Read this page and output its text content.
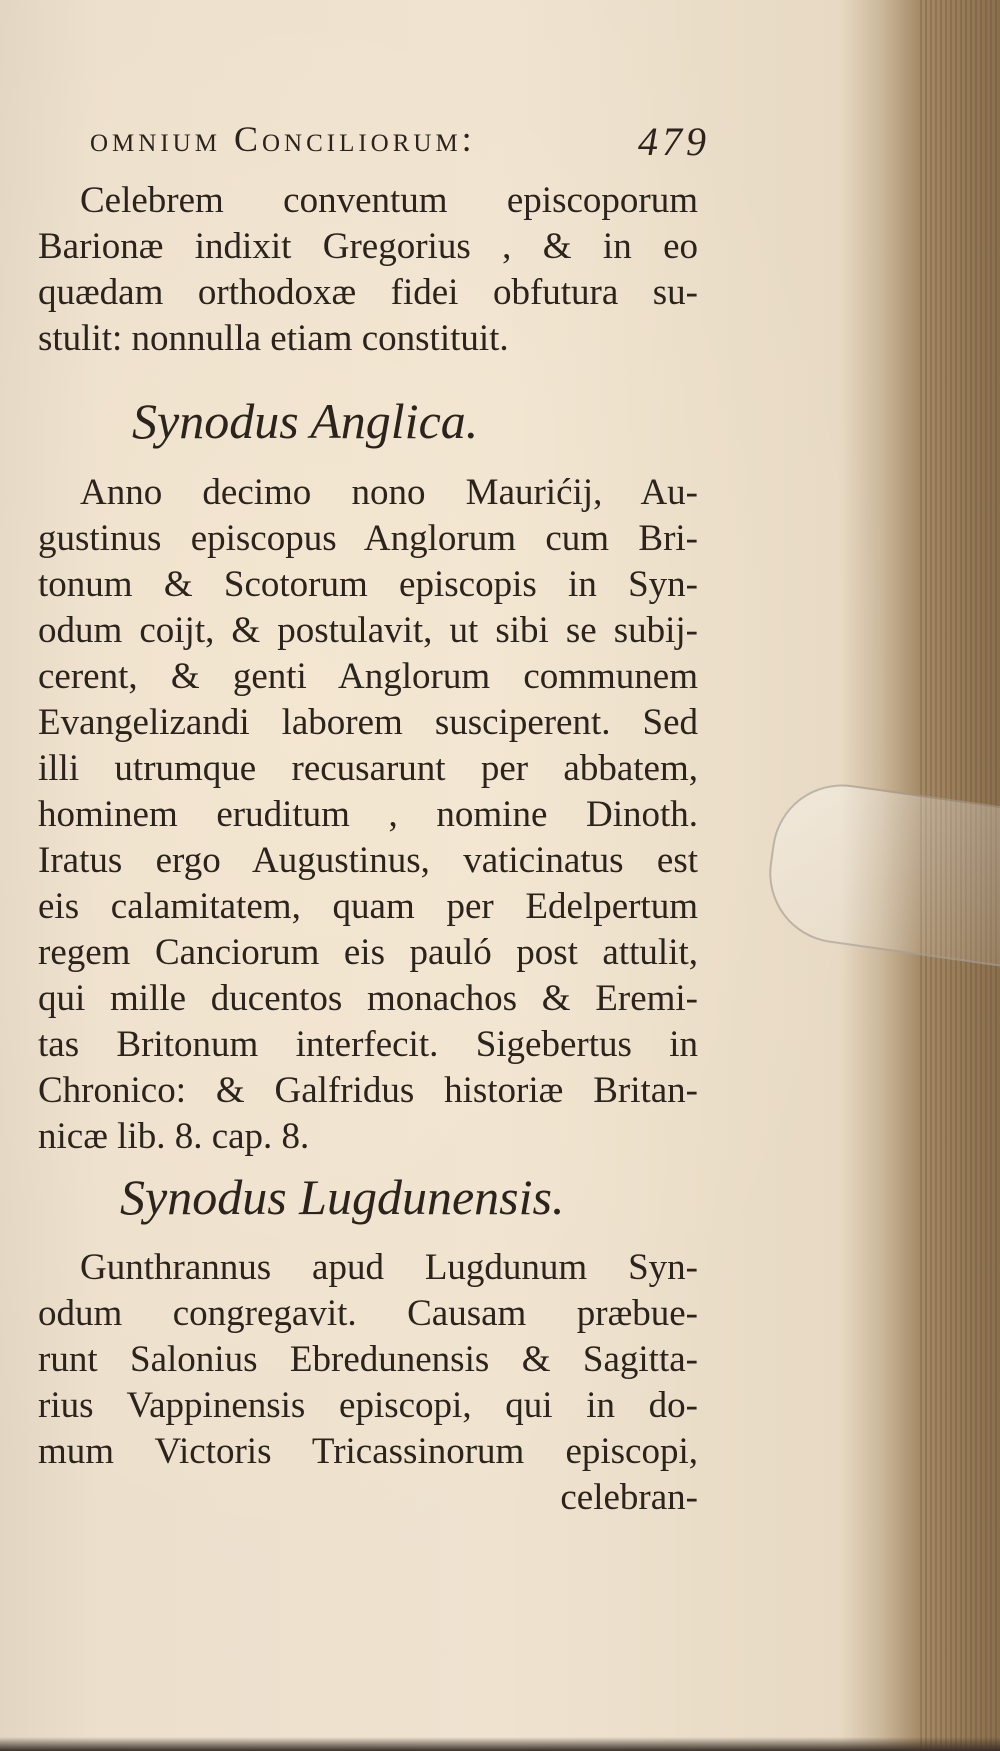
omnium Conciliorum:	479
Celebrem conventum episcoporum
Barionæ indixit Gregorius , & in eo
quædam orthodoxæ fidei obfutura su-
stulit: nonnulla etiam constituit.
Synodus Anglica.
Anno decimo nono Maurićij, Au-
gustinus episcopus Anglorum cum Bri-
tonum & Scotorum episcopis in Syn-
odum coijt, & postulavit, ut sibi se subij-
cerent, & genti Anglorum communem
Evangelizandi laborem susciperent. Sed
illi utrumque recusarunt per abbatem,
hominem eruditum , nomine Dinoth.
Iratus ergo Augustinus, vaticinatus est
eis calamitatem, quam per Edelpertum
regem Canciorum eis pauló post attulit,
qui mille ducentos monachos & Eremi-
tas Britonum interfecit. Sigebertus in
Chronico: & Galfridus historiæ Britan-
nicæ lib. 8. cap. 8.
Synodus Lugdunensis.
Gunthrannus apud Lugdunum Syn-
odum congregavit. Causam præbue-
runt Salonius Ebredunensis & Sagitta-
rius Vappinensis episcopi, qui in do-
mum Victoris Tricassinorum episcopi,
celebran-
